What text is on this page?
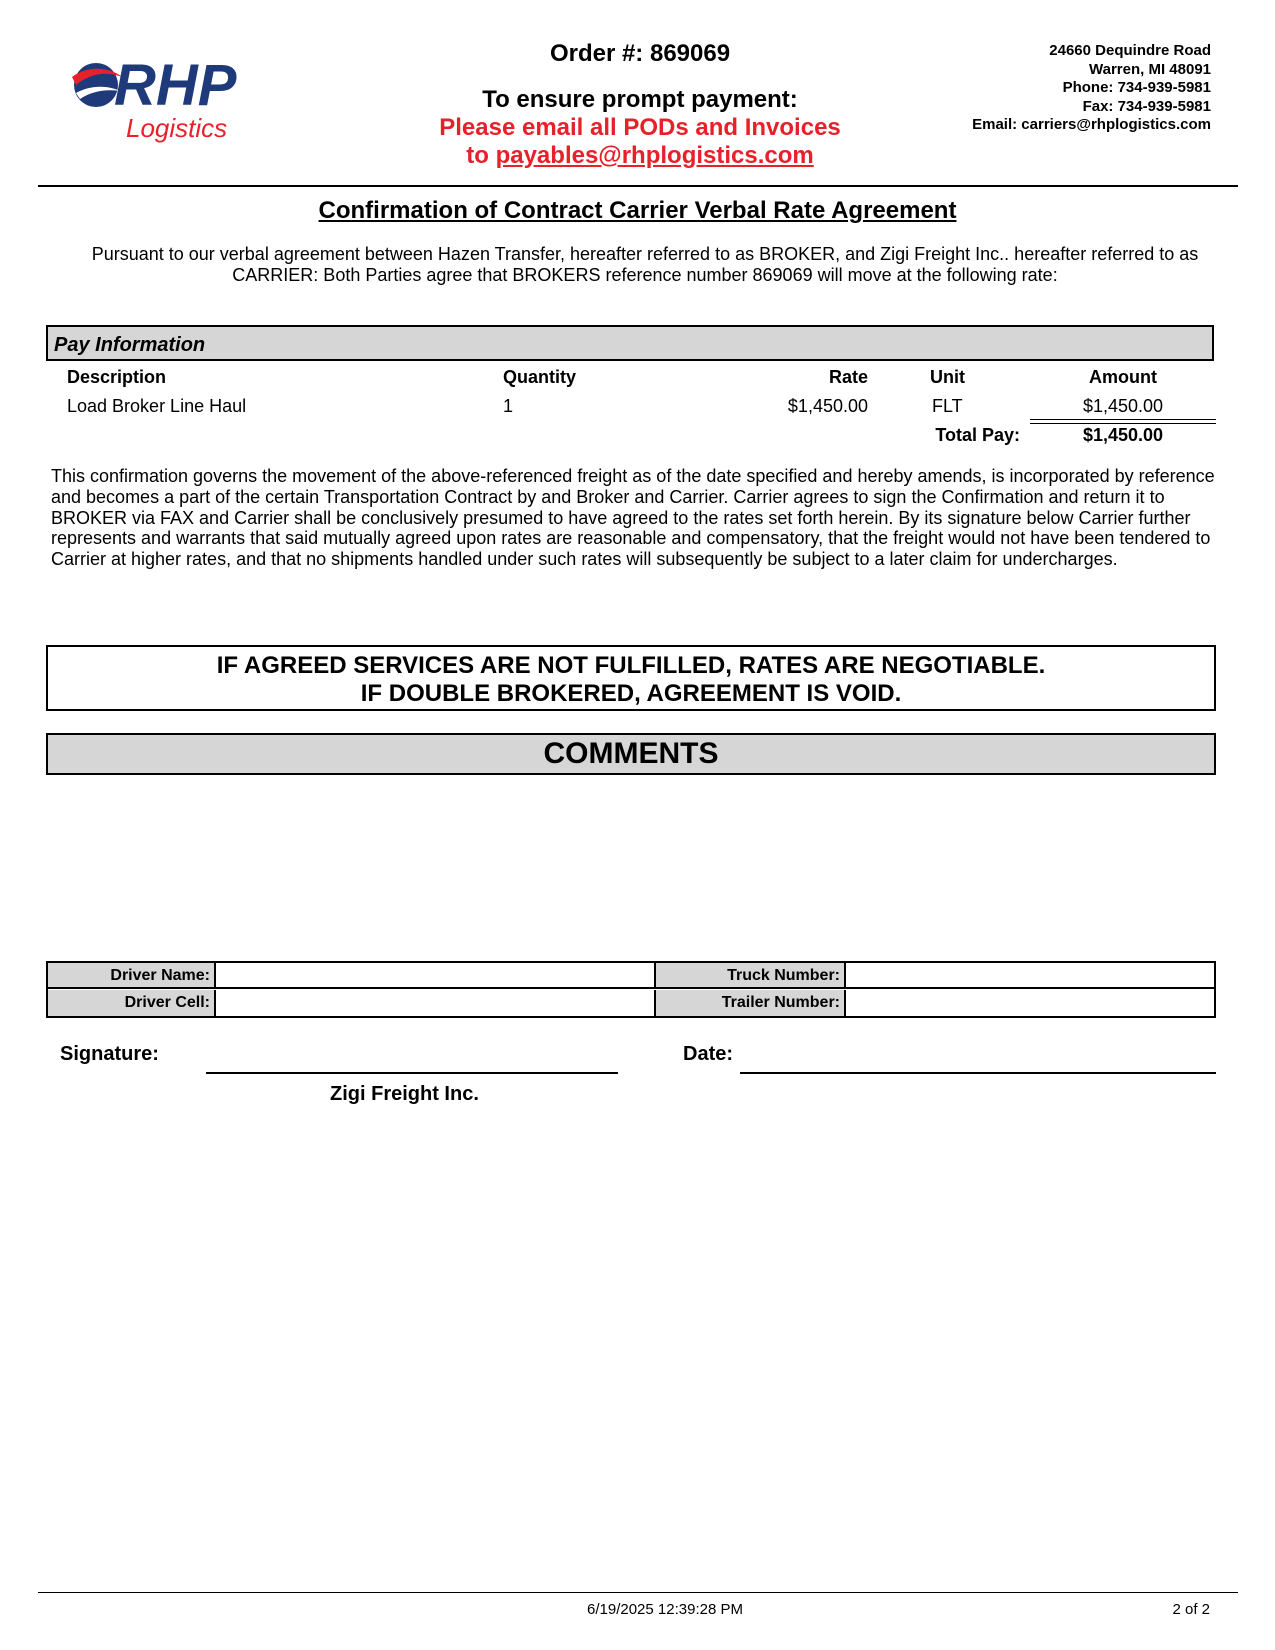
RHP
Logistics
Order #: 869069
To ensure prompt payment:
Please email all PODs and Invoices
to payables@rhplogistics.com
24660 Dequindre Road
Warren, MI 48091
Phone: 734-939-5981
Fax: 734-939-5981
Email: carriers@rhplogistics.com
Confirmation of Contract Carrier Verbal Rate Agreement
Pursuant to our verbal agreement between Hazen Transfer, hereafter referred to as BROKER, and Zigi Freight Inc.. hereafter referred to as CARRIER: Both Parties agree that BROKERS reference number 869069 will move at the following rate:
Pay Information
Description	Quantity	Rate	Unit	Amount
Load Broker Line Haul	1	$1,450.00	FLT	$1,450.00
Total Pay:	$1,450.00
This confirmation governs the movement of the above-referenced freight as of the date specified and hereby amends, is incorporated by reference and becomes a part of the certain Transportation Contract by and Broker and Carrier. Carrier agrees to sign the Confirmation and return it to BROKER via FAX and Carrier shall be conclusively presumed to have agreed to the rates set forth herein. By its signature below Carrier further represents and warrants that said mutually agreed upon rates are reasonable and compensatory, that the freight would not have been tendered to Carrier at higher rates, and that no shipments handled under such rates will subsequently be subject to a later claim for undercharges.
IF AGREED SERVICES ARE NOT FULFILLED, RATES ARE NEGOTIABLE.
IF DOUBLE BROKERED, AGREEMENT IS VOID.
COMMENTS
Driver Name:	Truck Number:
Driver Cell:	Trailer Number:
Signature:	Date:
Zigi Freight Inc.
6/19/2025 12:39:28 PM	2 of 2
